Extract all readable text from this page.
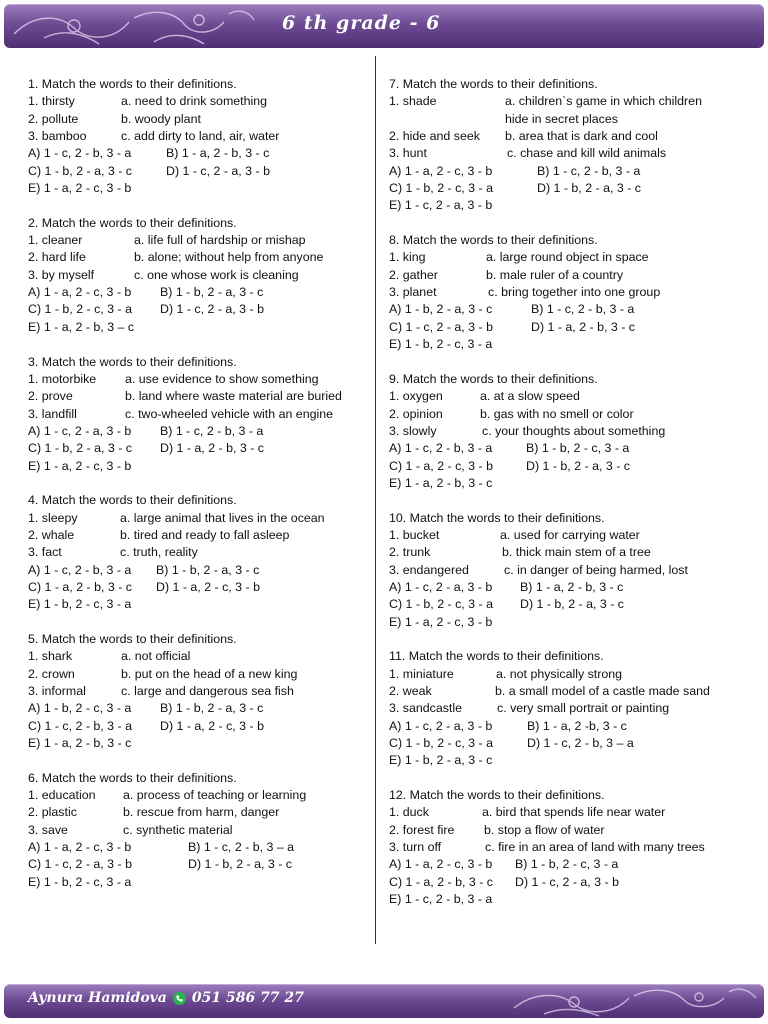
6 th grade - 6
1. Match the words to their definitions.
1. thirsty	a. need to drink something
2. pollute	b. woody plant
3. bamboo	c. add dirty to land, air, water
A) 1 - c, 2 - b, 3 - a	B) 1 - a, 2 - b, 3 - c
C) 1 - b, 2 - a, 3 - c	D) 1 - c, 2 - a, 3 - b
E) 1 - a, 2 - c, 3 - b
2. Match the words to their definitions.
1. cleaner	a. life full of hardship or mishap
2. hard life	b. alone; without help from anyone
3. by myself	c. one whose work is cleaning
A) 1 - a, 2 - c, 3 - b	B) 1 - b, 2 - a, 3 - c
C) 1 - b, 2 - c, 3 - a	D) 1 - c, 2 - a, 3 - b
E) 1 - a, 2 - b, 3 – c
3. Match the words to their definitions.
1. motorbike	a. use evidence to show something
2. prove	b. land where waste material are buried
3. landfill	c. two-wheeled vehicle with an engine
A) 1 - c, 2 - a, 3 - b	B) 1 - c, 2 - b, 3 - a
C) 1 - b, 2 - a, 3 - c	D) 1 - a, 2 - b, 3 - c
E) 1 - a, 2 - c, 3 - b
4. Match the words to their definitions.
1. sleepy	a. large animal that lives in the ocean
2. whale	b. tired and ready to fall asleep
3. fact	c. truth, reality
A) 1 - c, 2 - b, 3 - a	B) 1 - b, 2 - a, 3 - c
C) 1 - a, 2 - b, 3 - c	D) 1 - a, 2 - c, 3 - b
E) 1 - b, 2 - c, 3 - a
5. Match the words to their definitions.
1. shark	a. not official
2. crown	b. put on the head of a new king
3. informal	c. large and dangerous sea fish
A) 1 - b, 2 - c, 3 - a	B) 1 - b, 2 - a, 3 - c
C) 1 - c, 2 - b, 3 - a	D) 1 - a, 2 - c, 3 - b
E) 1 - a, 2 - b, 3 - c
6. Match the words to their definitions.
1. education	a. process of teaching or learning
2. plastic	b. rescue from harm, danger
3. save	c. synthetic material
A) 1 - a, 2 - c, 3 - b	B) 1 - c, 2 - b, 3 – a
C) 1 - c, 2 - a, 3 - b	D) 1 - b, 2 - a, 3 - c
E) 1 - b, 2 - c, 3 - a
7. Match the words to their definitions.
1. shade	a. children`s game in which children hide in secret places
2. hide and seek	b. area that is dark and cool
3. hunt	c. chase and kill wild animals
A) 1 - a, 2 - c, 3 - b	B) 1 - c, 2 - b, 3 - a
C) 1 - b, 2 - c, 3 - a	D) 1 - b, 2 - a, 3 - c
E) 1 - c, 2 - a, 3 - b
8. Match the words to their definitions.
1. king	a. large round object in space
2. gather	b. male ruler of a country
3. planet	c. bring together into one group
A) 1 - b, 2 - a, 3 - c	B) 1 - c, 2 - b, 3 - a
C) 1 - c, 2 - a, 3 - b	D) 1 - a, 2 - b, 3 - c
E) 1 - b, 2 - c, 3 - a
9. Match the words to their definitions.
1. oxygen	a. at a slow speed
2. opinion	b. gas with no smell or color
3. slowly	c. your thoughts about something
A) 1 - c, 2 - b, 3 - a	B) 1 - b, 2 - c, 3 - a
C) 1 - a, 2 - c, 3 - b	D) 1 - b, 2 - a, 3 - c
E) 1 - a, 2 - b, 3 - c
10. Match the words to their definitions.
1. bucket	a. used for carrying water
2. trunk	b. thick main stem of a tree
3. endangered	c. in danger of being harmed, lost
A) 1 - c, 2 - a, 3 - b	B) 1 - a, 2 - b, 3 - c
C) 1 - b, 2 - c, 3 - a	D) 1 - b, 2 - a, 3 - c
E) 1 - a, 2 - c, 3 - b
11. Match the words to their definitions.
1. miniature	a. not physically strong
2. weak	b. a small model of a castle made sand
3. sandcastle	c. very small portrait or painting
A) 1 - c, 2 - a, 3 - b	B) 1 - a, 2 -b, 3 - c
C) 1 - b, 2 - c, 3 - a	D) 1 - c, 2 - b, 3 – a
E) 1 - b, 2 - a, 3 - c
12. Match the words to their definitions.
1. duck	a. bird that spends life near water
2. forest fire	b. stop a flow of water
3. turn off	c. fire in an area of land with many trees
A) 1 - a, 2 - c, 3 - b	B) 1 - b, 2 - c, 3 - a
C) 1 - a, 2 - b, 3 - c	D) 1 - c, 2 - a, 3 - b
E) 1 - c, 2 - b, 3 - a
Aynura Hamidova 051 586 77 27
